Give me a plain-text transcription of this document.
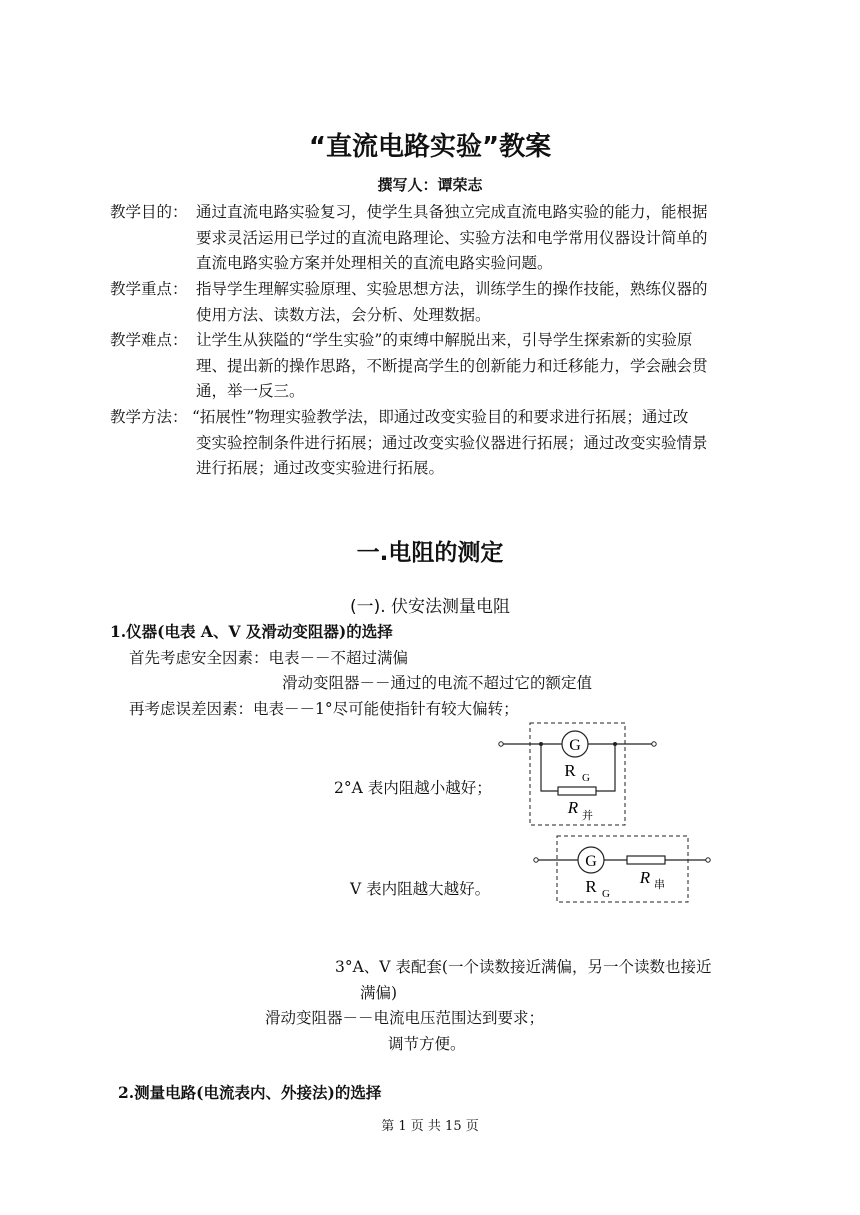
“直流电路实验”教案
撰写人：谭荣志
教学目的： 通过直流电路实验复习，使学生具备独立完成直流电路实验的能力，能根据
要求灵活运用已学过的直流电路理论、实验方法和电学常用仪器设计简单的
直流电路实验方案并处理相关的直流电路实验问题。
教学重点： 指导学生理解实验原理、实验思想方法，训练学生的操作技能，熟练仪器的
使用方法、读数方法，会分析、处理数据。
教学难点： 让学生从狭隘的“学生实验”的束缚中解脱出来，引导学生探索新的实验原
理、提出新的操作思路，不断提高学生的创新能力和迁移能力，学会融会贯
通，举一反三。
教学方法： “拓展性”物理实验教学法，即通过改变实验目的和要求进行拓展；通过改
变实验控制条件进行拓展；通过改变实验仪器进行拓展；通过改变实验情景
进行拓展；通过改变实验进行拓展。
一.电阻的测定
(一). 伏安法测量电阻
1.仪器(电表 A、V 及滑动变阻器)的选择
首先考虑安全因素：电表－－不超过满偏
滑动变阻器－－通过的电流不超过它的额定值
再考虑误差因素：电表－－1°尽可能使指针有较大偏转；
2°A 表内阻越小越好；
V 表内阻越大越好。
3°A、V 表配套(一个读数接近满偏，另一个读数也接近
满偏)
滑动变阻器－－电流电压范围达到要求；
调节方便。
2.测量电路(电流表内、外接法)的选择
G
R G
R 并
G
R 串
R G
第 1 页 共 15 页
